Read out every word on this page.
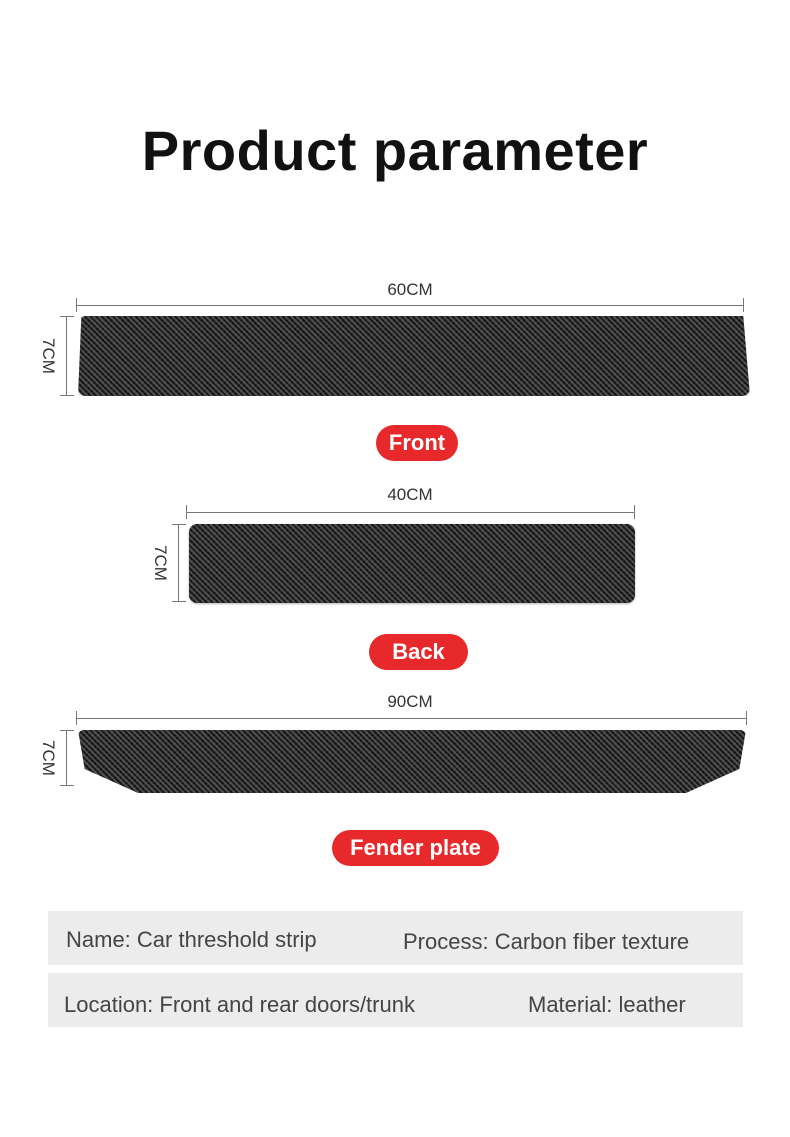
Product parameter
60CM
7CM
Front
40CM
7CM
Back
90CM
7CM
Fender plate
Name: Car threshold strip	Process: Carbon fiber texture
Location: Front and rear doors/trunk	Material: leather
